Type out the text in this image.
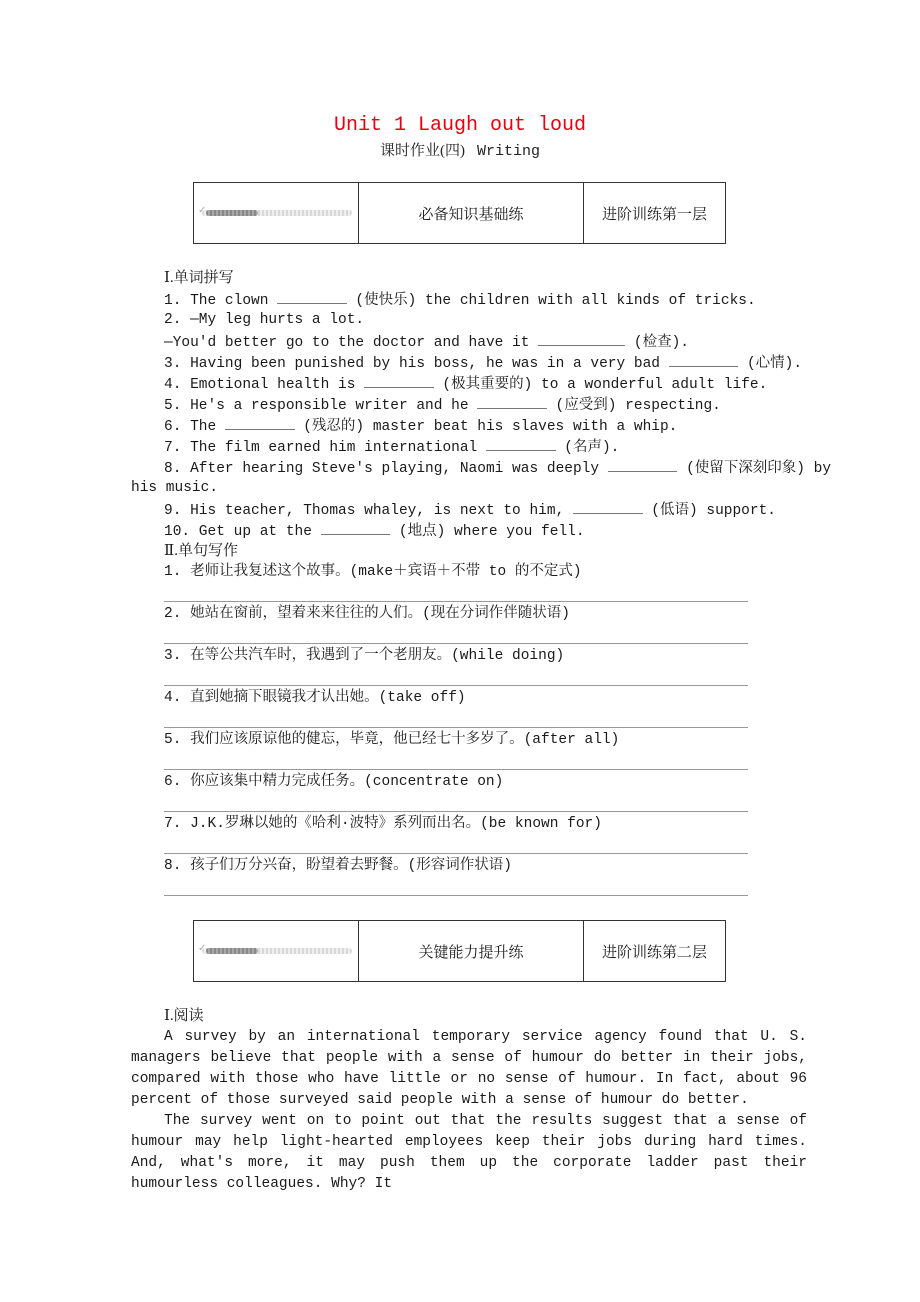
Unit 1 Laugh out loud
课时作业(四) Writing
✓	必备知识基础练	进阶训练第一层
Ⅰ.单词拼写
1. The clown	(使快乐) the children with all kinds of tricks.
2. —My leg hurts a lot.
—You'd better go to the doctor and have it	(检查).
3. Having been punished by his boss, he was in a very bad	(心情).
4. Emotional health is	(极其重要的) to a wonderful adult life.
5. He's a responsible writer and he	(应受到) respecting.
6. The	(残忍的) master beat his slaves with a whip.
7. The film earned him international	(名声).
8. After hearing Steve's playing, Naomi was deeply	(使留下深刻印象) by
his music.
9. His teacher, Thomas whaley, is next to him,	(低语) support.
10. Get up at the	(地点) where you fell.
Ⅱ.单句写作
1. 老师让我复述这个故事。(make＋宾语＋不带 to 的不定式)
2. 她站在窗前，望着来来往往的人们。(现在分词作伴随状语)
3. 在等公共汽车时，我遇到了一个老朋友。(while doing)
4. 直到她摘下眼镜我才认出她。(take off)
5. 我们应该原谅他的健忘，毕竟，他已经七十多岁了。(after all)
6. 你应该集中精力完成任务。(concentrate on)
7. J.K.罗琳以她的《哈利·波特》系列而出名。(be known for)
8. 孩子们万分兴奋，盼望着去野餐。(形容词作状语)
✓	关键能力提升练	进阶训练第二层
Ⅰ.阅读

A survey by an international temporary service agency found that U. S. managers believe that people with a sense of humour do better in their jobs, compared with those who have little or no sense of humour. In fact, about 96 percent of those surveyed said people with a sense of humour do better.

The survey went on to point out that the results suggest that a sense of humour may help light-hearted employees keep their jobs during hard times. And, what's more, it may push them up the corporate ladder past their humourless colleagues. Why? It
